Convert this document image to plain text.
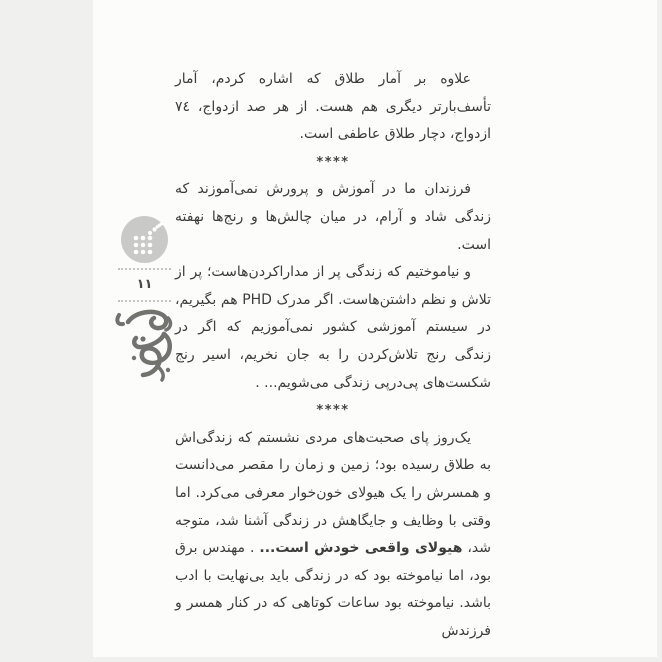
۱۱
علاوه بر آمار طلاق که اشاره کردم، آمار تأسف‌بارتر دیگری هم هست. از هر صد ازدواج، ٧٤ ازدواج، دچار طلاق عاطفی است.
****
فرزندان ما در آموزش و پرورش نمی‌آموزند که زندگی شاد و آرام، در میان چالش‌ها و رنج‌ها نهفته است.
و نیاموختیم که زندگی پر از مداراکردن‌هاست؛ پر از تلاش و نظم داشتن‌هاست. اگر مدرک PHD هم بگیریم، در سیستم آموزشی کشور نمی‌آموزیم که اگر در زندگی رنج تلاش‌کردن را به جان نخریم، اسیر رنج شکست‌های پی‌درپی زندگی می‌شویم... .
****
یک‌روز پای صحبت‌های مردی نشستم که زندگی‌اش به طلاق رسیده بود؛ زمین و زمان را مقصر می‌دانست و همسرش را یک هیولای خون‌خوار معرفی می‌کرد. اما وقتی با وظایف و جایگاهش در زندگی آشنا شد، متوجه شد، هیولای واقعی خودش است... . مهندس برق بود، اما نیاموخته بود که در زندگی باید بی‌نهایت با ادب باشد. نیاموخته بود ساعات کوتاهی که در کنار همسر و فرزندش
